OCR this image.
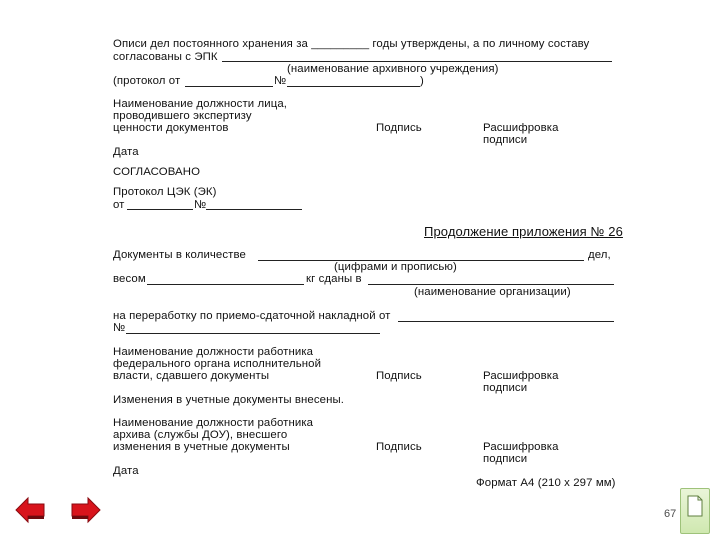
Описи дел постоянного хранения за _________ годы утверждены, а по личному составу
согласованы с ЭПК
(наименование архивного учреждения)
(протокол от	№	)
Наименование должности лица,
проводившего экспертизу
ценности документов	Подпись	Расшифровка
подписи
Дата
СОГЛАСОВАНО
Протокол ЦЭК (ЭК)
от	№
Продолжение приложения № 26
Документы в количестве	дел,
(цифрами и прописью)
весом	кг сданы в
(наименование организации)
на переработку по приемо-сдаточной накладной от
№
Наименование должности работника
федерального органа исполнительной
власти, сдавшего документы	Подпись	Расшифровка
подписи
Изменения в учетные документы внесены.
Наименование должности работника
архива (службы ДОУ), внесшего
изменения в учетные документы	Подпись	Расшифровка
подписи
Дата
Формат А4 (210 x 297 мм)
67
